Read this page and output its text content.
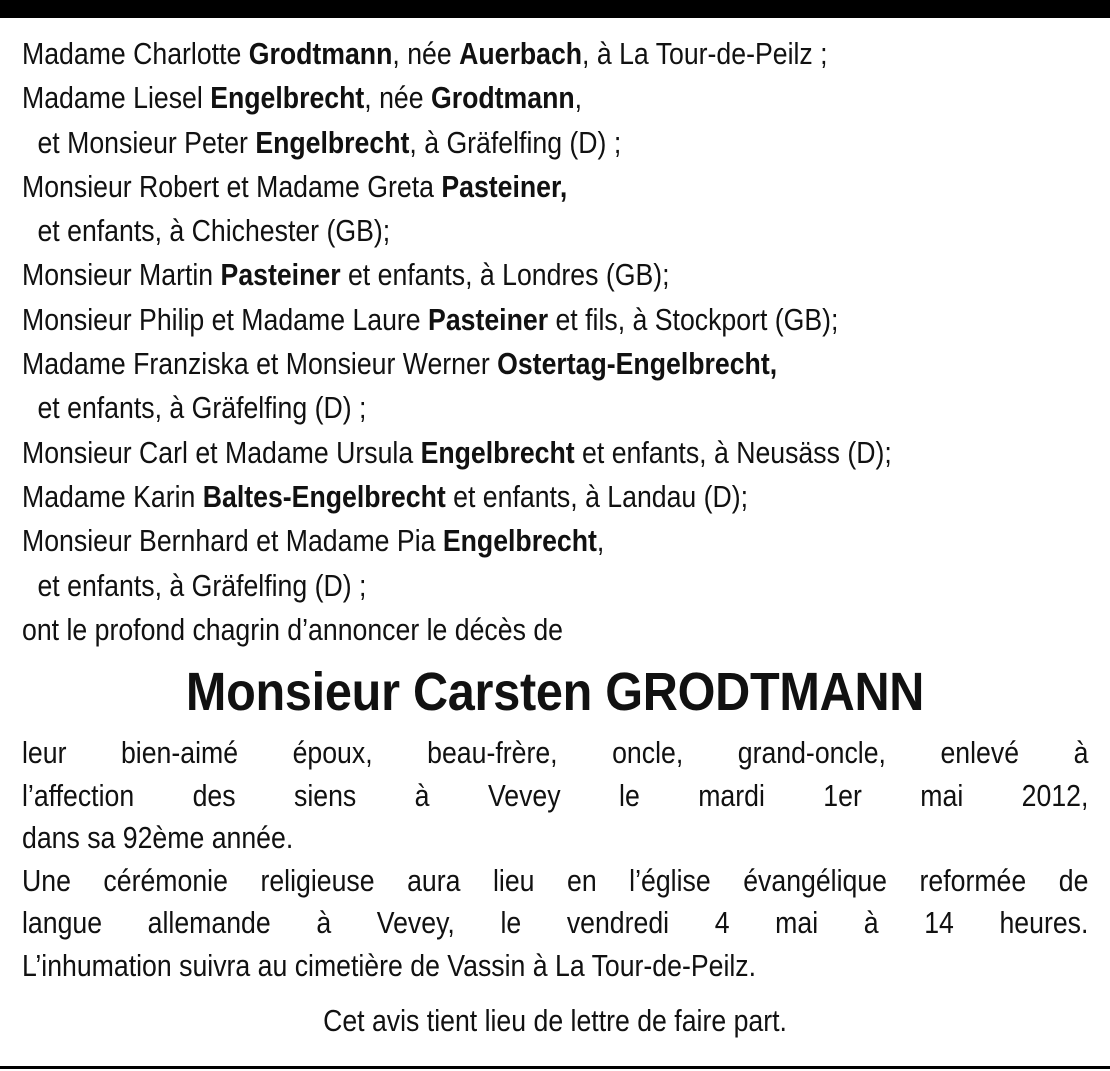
Madame Charlotte Grodtmann, née Auerbach, à La Tour-de-Peilz ;
Madame Liesel Engelbrecht, née Grodtmann,
et Monsieur Peter Engelbrecht, à Gräfelfing (D) ;
Monsieur Robert et Madame Greta Pasteiner,
et enfants, à Chichester (GB);
Monsieur Martin Pasteiner et enfants, à Londres (GB);
Monsieur Philip et Madame Laure Pasteiner et fils, à Stockport (GB);
Madame Franziska et Monsieur Werner Ostertag-Engelbrecht,
et enfants, à Gräfelfing (D) ;
Monsieur Carl et Madame Ursula Engelbrecht et enfants, à Neusäss (D);
Madame Karin Baltes-Engelbrecht et enfants, à Landau (D);
Monsieur Bernhard et Madame Pia Engelbrecht,
et enfants, à Gräfelfing (D) ;
ont le profond chagrin d’annoncer le décès de
Monsieur Carsten GRODTMANN
leur bien-aimé époux, beau-frère, oncle, grand-oncle, enlevé à
l’affection des siens à Vevey le mardi 1er mai 2012,
dans sa 92ème année.
Une cérémonie religieuse aura lieu en l’église évangélique reformée de
langue allemande à Vevey, le vendredi 4 mai à 14 heures.
L’inhumation suivra au cimetière de Vassin à La Tour-de-Peilz.
Cet avis tient lieu de lettre de faire part.
